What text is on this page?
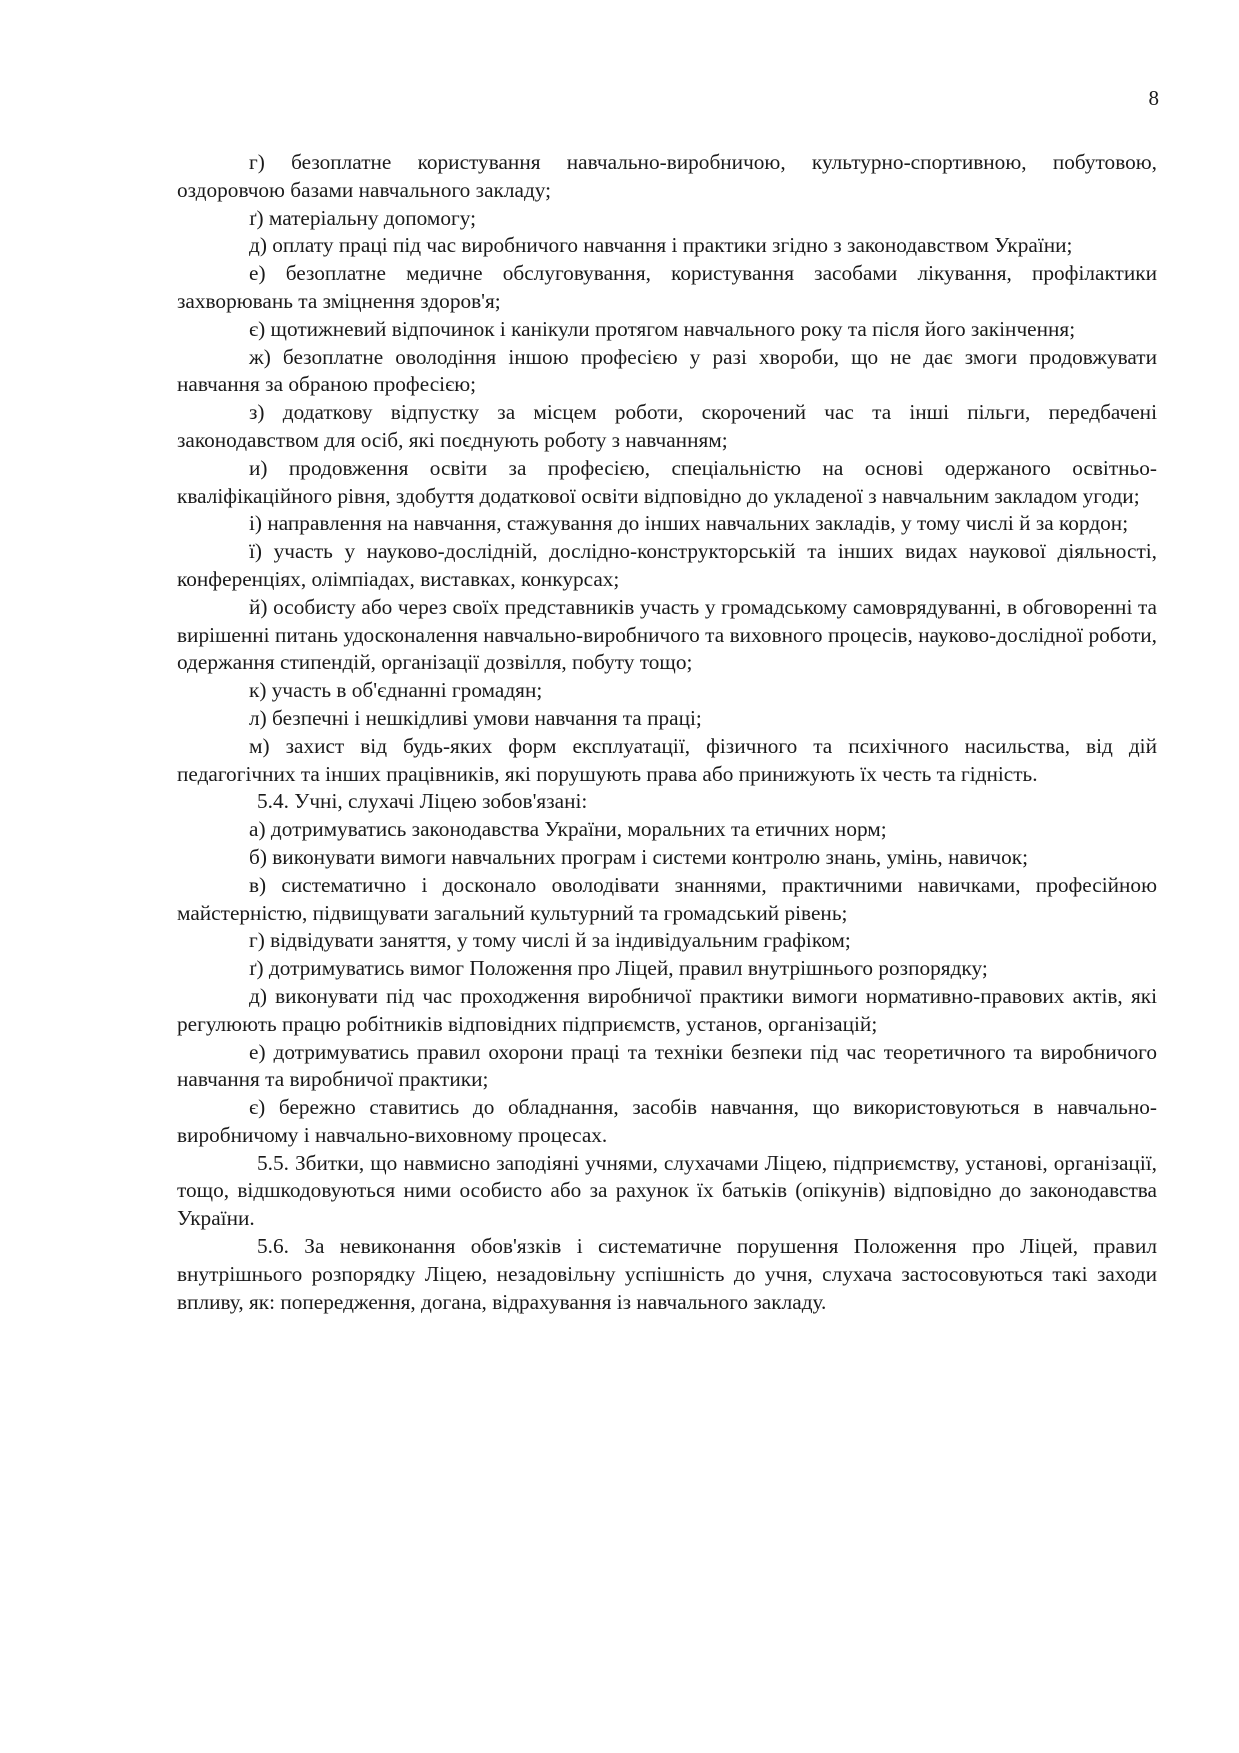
8

г) безоплатне користування навчально-виробничою, культурно-спортивною, побутовою, оздоровчою базами навчального закладу;

ґ) матеріальну допомогу;

д) оплату праці під час виробничого навчання і практики згідно з законодавством України;

е) безоплатне медичне обслуговування, користування засобами лікування, профілактики захворювань та зміцнення здоров'я;

є) щотижневий відпочинок і канікули протягом навчального року та після його закінчення;

ж) безоплатне оволодіння іншою професією у разі хвороби, що не дає змоги продовжувати навчання за обраною професією;

з) додаткову відпустку за місцем роботи, скорочений час та інші пільги, передбачені законодавством для осіб, які поєднують роботу з навчанням;

и) продовження освіти за професією, спеціальністю на основі одержаного освітньо-кваліфікаційного рівня, здобуття додаткової освіти відповідно до укладеної з навчальним закладом угоди;

і) направлення на навчання, стажування до інших навчальних закладів, у тому числі й за кордон;

ї) участь у науково-дослідній, дослідно-конструкторській та інших видах наукової діяльності, конференціях, олімпіадах, виставках, конкурсах;

й) особисту або через своїх представників участь у громадському самоврядуванні, в обговоренні та вирішенні питань удосконалення навчально-виробничого та виховного процесів, науково-дослідної роботи, одержання стипендій, організації дозвілля, побуту тощо;

к) участь в об'єднанні громадян;

л) безпечні і нешкідливі умови навчання та праці;

м) захист від будь-яких форм експлуатації, фізичного та психічного насильства, від дій педагогічних та інших працівників, які порушують права або принижують їх честь та гідність.

5.4. Учні, слухачі Ліцею зобов'язані:

а) дотримуватись законодавства України, моральних та етичних норм;

б) виконувати вимоги навчальних програм і системи контролю знань, умінь, навичок;

в) систематично і досконало оволодівати знаннями, практичними навичками, професійною майстерністю, підвищувати загальний культурний та громадський рівень;

г) відвідувати заняття, у тому числі й за індивідуальним графіком;

ґ) дотримуватись вимог Положення про Ліцей, правил внутрішнього розпорядку;

д) виконувати під час проходження виробничої практики вимоги нормативно-правових актів, які регулюють працю робітників відповідних підприємств, установ, організацій;

е) дотримуватись правил охорони праці та техніки безпеки під час теоретичного та виробничого навчання та виробничої практики;

є) бережно ставитись до обладнання, засобів навчання, що використовуються в навчально-виробничому і навчально-виховному процесах.

5.5. Збитки, що навмисно заподіяні учнями, слухачами Ліцею, підприємству, установі, організації, тощо, відшкодовуються ними особисто або за рахунок їх батьків (опікунів) відповідно до законодавства України.

5.6. За невиконання обов'язків і систематичне порушення Положення про Ліцей, правил внутрішнього розпорядку Ліцею, незадовільну успішність до учня, слухача застосовуються такі заходи впливу, як: попередження, догана, відрахування із навчального закладу.
